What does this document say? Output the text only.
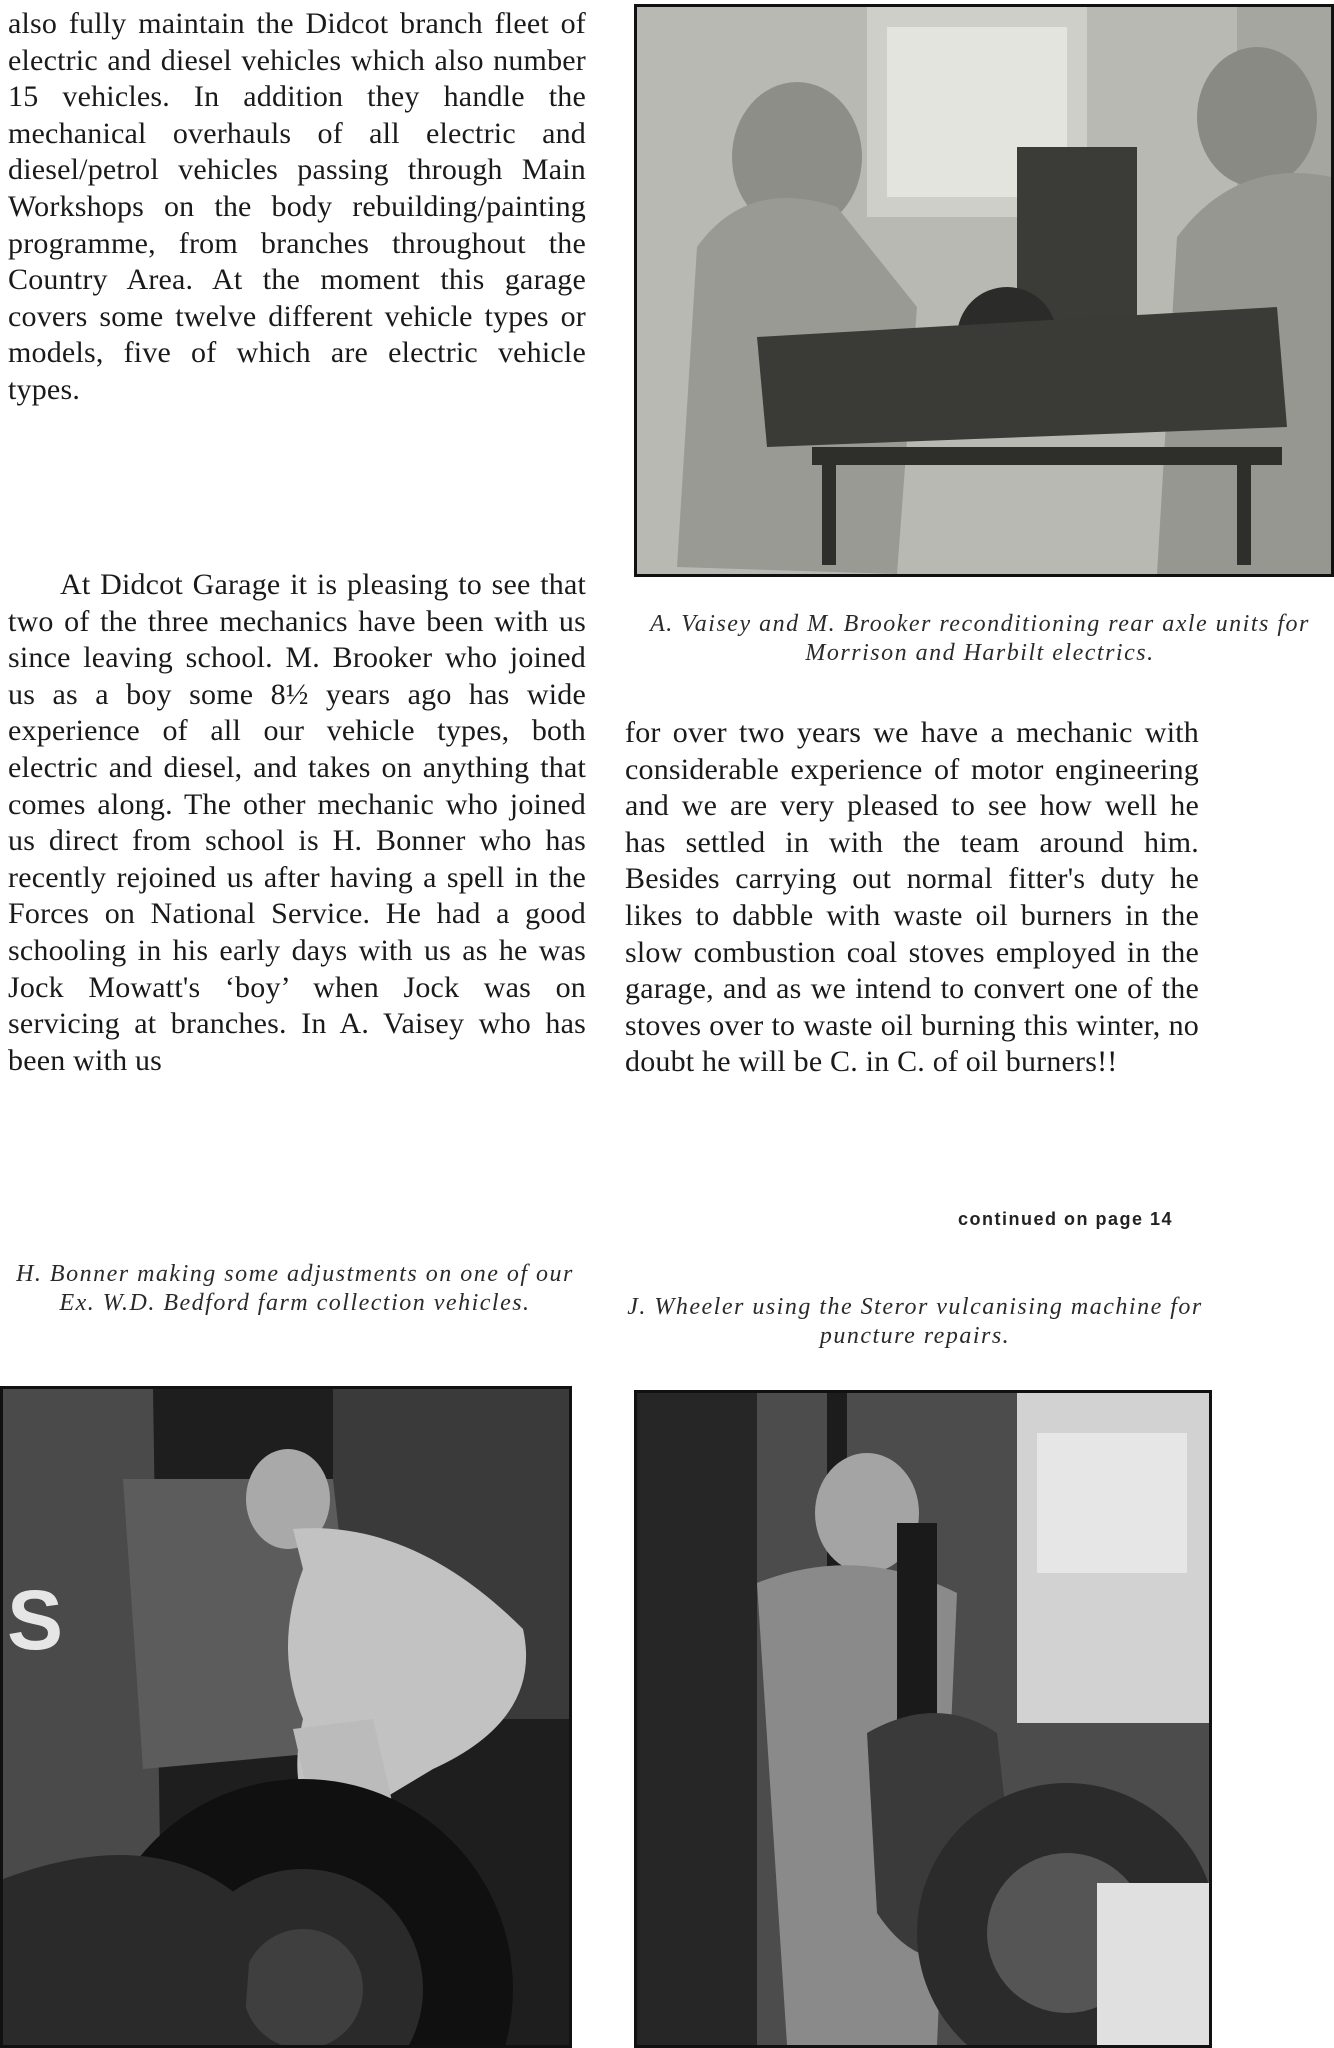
also fully maintain the Didcot branch fleet of electric and diesel vehicles which also number 15 vehicles. In addition they handle the mechanical overhauls of all electric and diesel/petrol vehicles passing through Main Workshops on the body rebuilding/painting programme, from branches throughout the Country Area. At the moment this garage covers some twelve different vehicle types or models, five of which are electric vehicle types.

At Didcot Garage it is pleasing to see that two of the three mechanics have been with us since leaving school. M. Brooker who joined us as a boy some 8½ years ago has wide experience of all our vehicle types, both electric and diesel, and takes on anything that comes along. The other mechanic who joined us direct from school is H. Bonner who has recently rejoined us after having a spell in the Forces on National Service. He had a good schooling in his early days with us as he was Jock Mowatt's ‘boy’ when Jock was on servicing at branches. In A. Vaisey who has been with us

A. Vaisey and M. Brooker reconditioning rear axle units for Morrison and Harbilt electrics.

for over two years we have a mechanic with considerable experience of motor engineering and we are very pleased to see how well he has settled in with the team around him. Besides carrying out normal fitter's duty he likes to dabble with waste oil burners in the slow combustion coal stoves employed in the garage, and as we intend to convert one of the stoves over to waste oil burning this winter, no doubt he will be C. in C. of oil burners!!

continued on page 14

H. Bonner making some adjustments on one of our Ex. W.D. Bedford farm collection vehicles.	J. Wheeler using the Steror vulcanising machine for puncture repairs.

S
